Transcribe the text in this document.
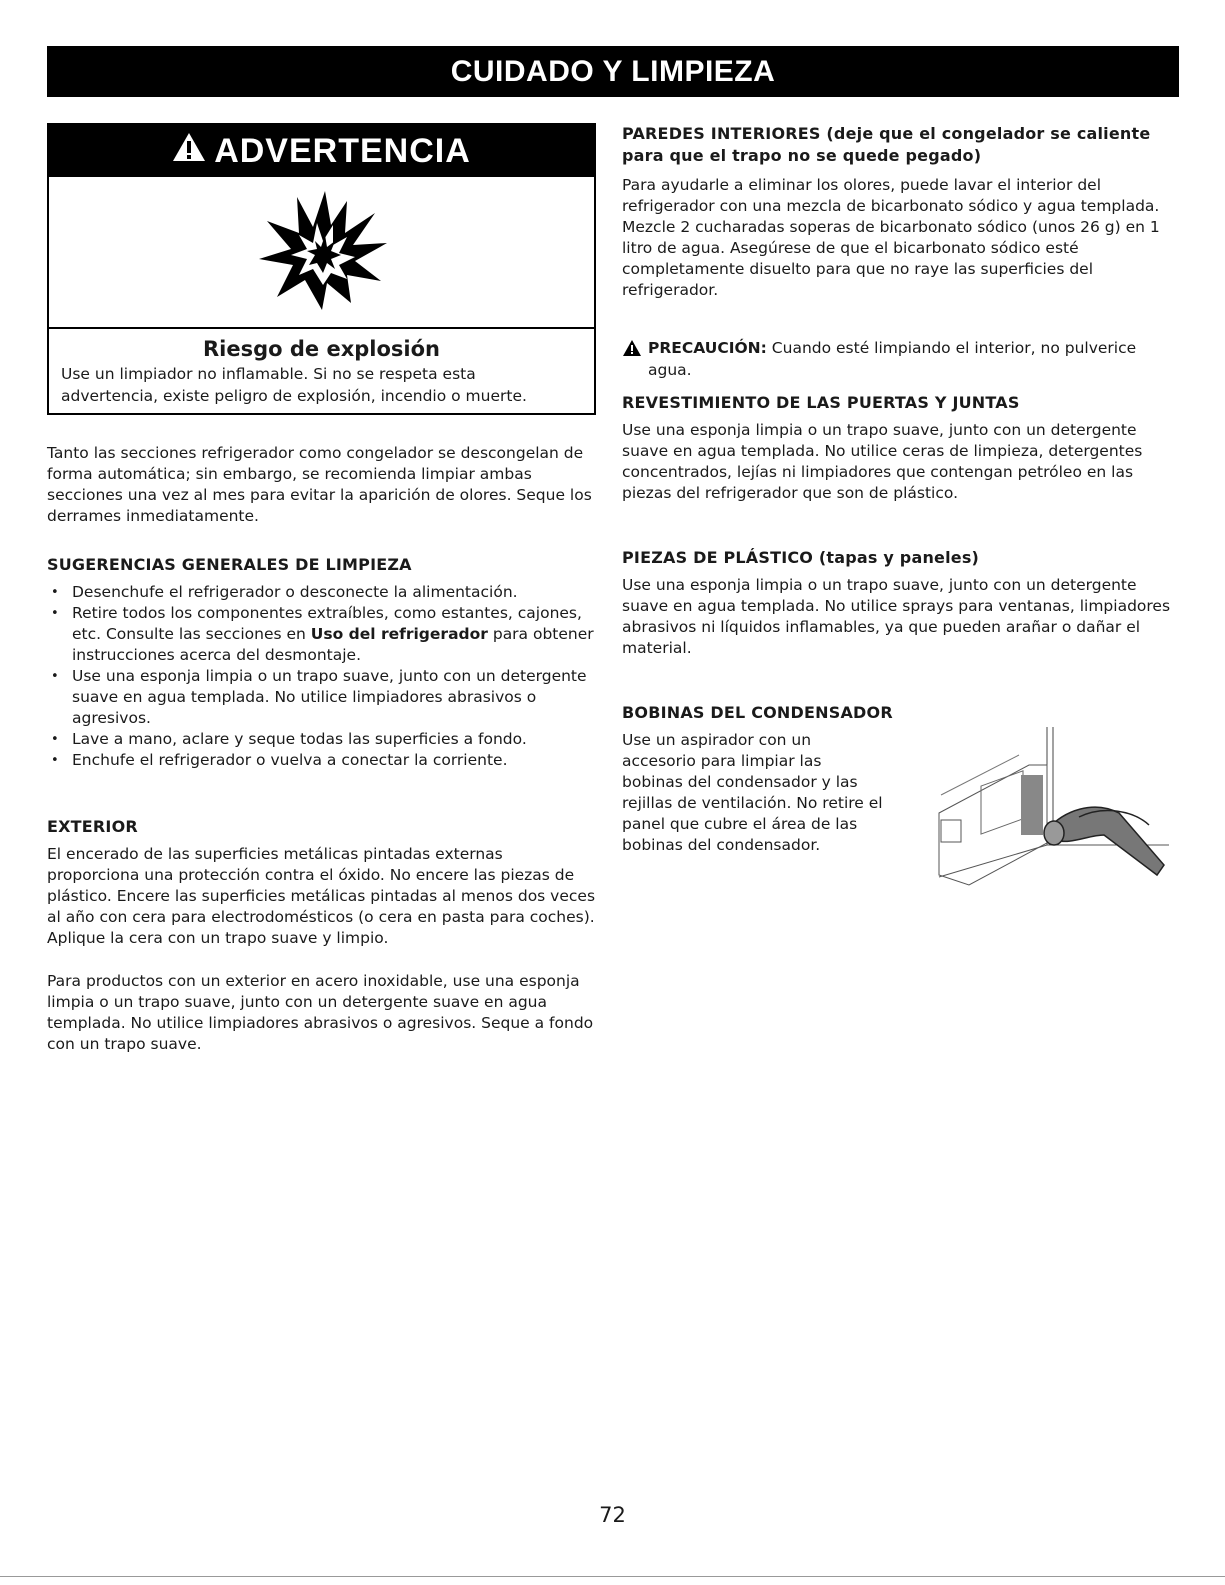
CUIDADO Y LIMPIEZA
ADVERTENCIA
Riesgo de explosión
Use un limpiador no inflamable. Si no se respeta esta advertencia, existe peligro de explosión, incendio o muerte.

Tanto las secciones refrigerador como congelador se descongelan de forma automática; sin embargo, se recomienda limpiar ambas secciones una vez al mes para evitar la aparición de olores. Seque los derrames inmediatamente.

SUGERENCIAS GENERALES DE LIMPIEZA
• Desenchufe el refrigerador o desconecte la alimentación.
• Retire todos los componentes extraíbles, como estantes, cajones, etc. Consulte las secciones en Uso del refrigerador para obtener instrucciones acerca del desmontaje.
• Use una esponja limpia o un trapo suave, junto con un detergente suave en agua templada. No utilice limpiadores abrasivos o agresivos.
• Lave a mano, aclare y seque todas las superficies a fondo.
• Enchufe el refrigerador o vuelva a conectar la corriente.
EXTERIOR

El encerado de las superficies metálicas pintadas externas proporciona una protección contra el óxido. No encere las piezas de plástico. Encere las superficies metálicas pintadas al menos dos veces al año con cera para electrodomésticos (o cera en pasta para coches). Aplique la cera con un trapo suave y limpio.

Para productos con un exterior en acero inoxidable, use una esponja limpia o un trapo suave, junto con un detergente suave en agua templada. No utilice limpiadores abrasivos o agresivos. Seque a fondo con un trapo suave.

PAREDES INTERIORES (deje que el congelador se caliente para que el trapo no se quede pegado)

Para ayudarle a eliminar los olores, puede lavar el interior del refrigerador con una mezcla de bicarbonato sódico y agua templada. Mezcle 2 cucharadas soperas de bicarbonato sódico (unos 26 g) en 1 litro de agua. Asegúrese de que el bicarbonato sódico esté completamente disuelto para que no raye las superficies del refrigerador.

PRECAUCIÓN: Cuando esté limpiando el interior, no pulverice agua.
REVESTIMIENTO DE LAS PUERTAS Y JUNTAS

Use una esponja limpia o un trapo suave, junto con un detergente suave en agua templada. No utilice ceras de limpieza, detergentes concentrados, lejías ni limpiadores que contengan petróleo en las piezas del refrigerador que son de plástico.

PIEZAS DE PLÁSTICO (tapas y paneles)

Use una esponja limpia o un trapo suave, junto con un detergente suave en agua templada. No utilice sprays para ventanas, limpiadores abrasivos ni líquidos inflamables, ya que pueden arañar o dañar el material.

BOBINAS DEL CONDENSADOR

Use un aspirador con un accesorio para limpiar las bobinas del condensador y las rejillas de ventilación. No retire el panel que cubre el área de las bobinas del condensador.

72
